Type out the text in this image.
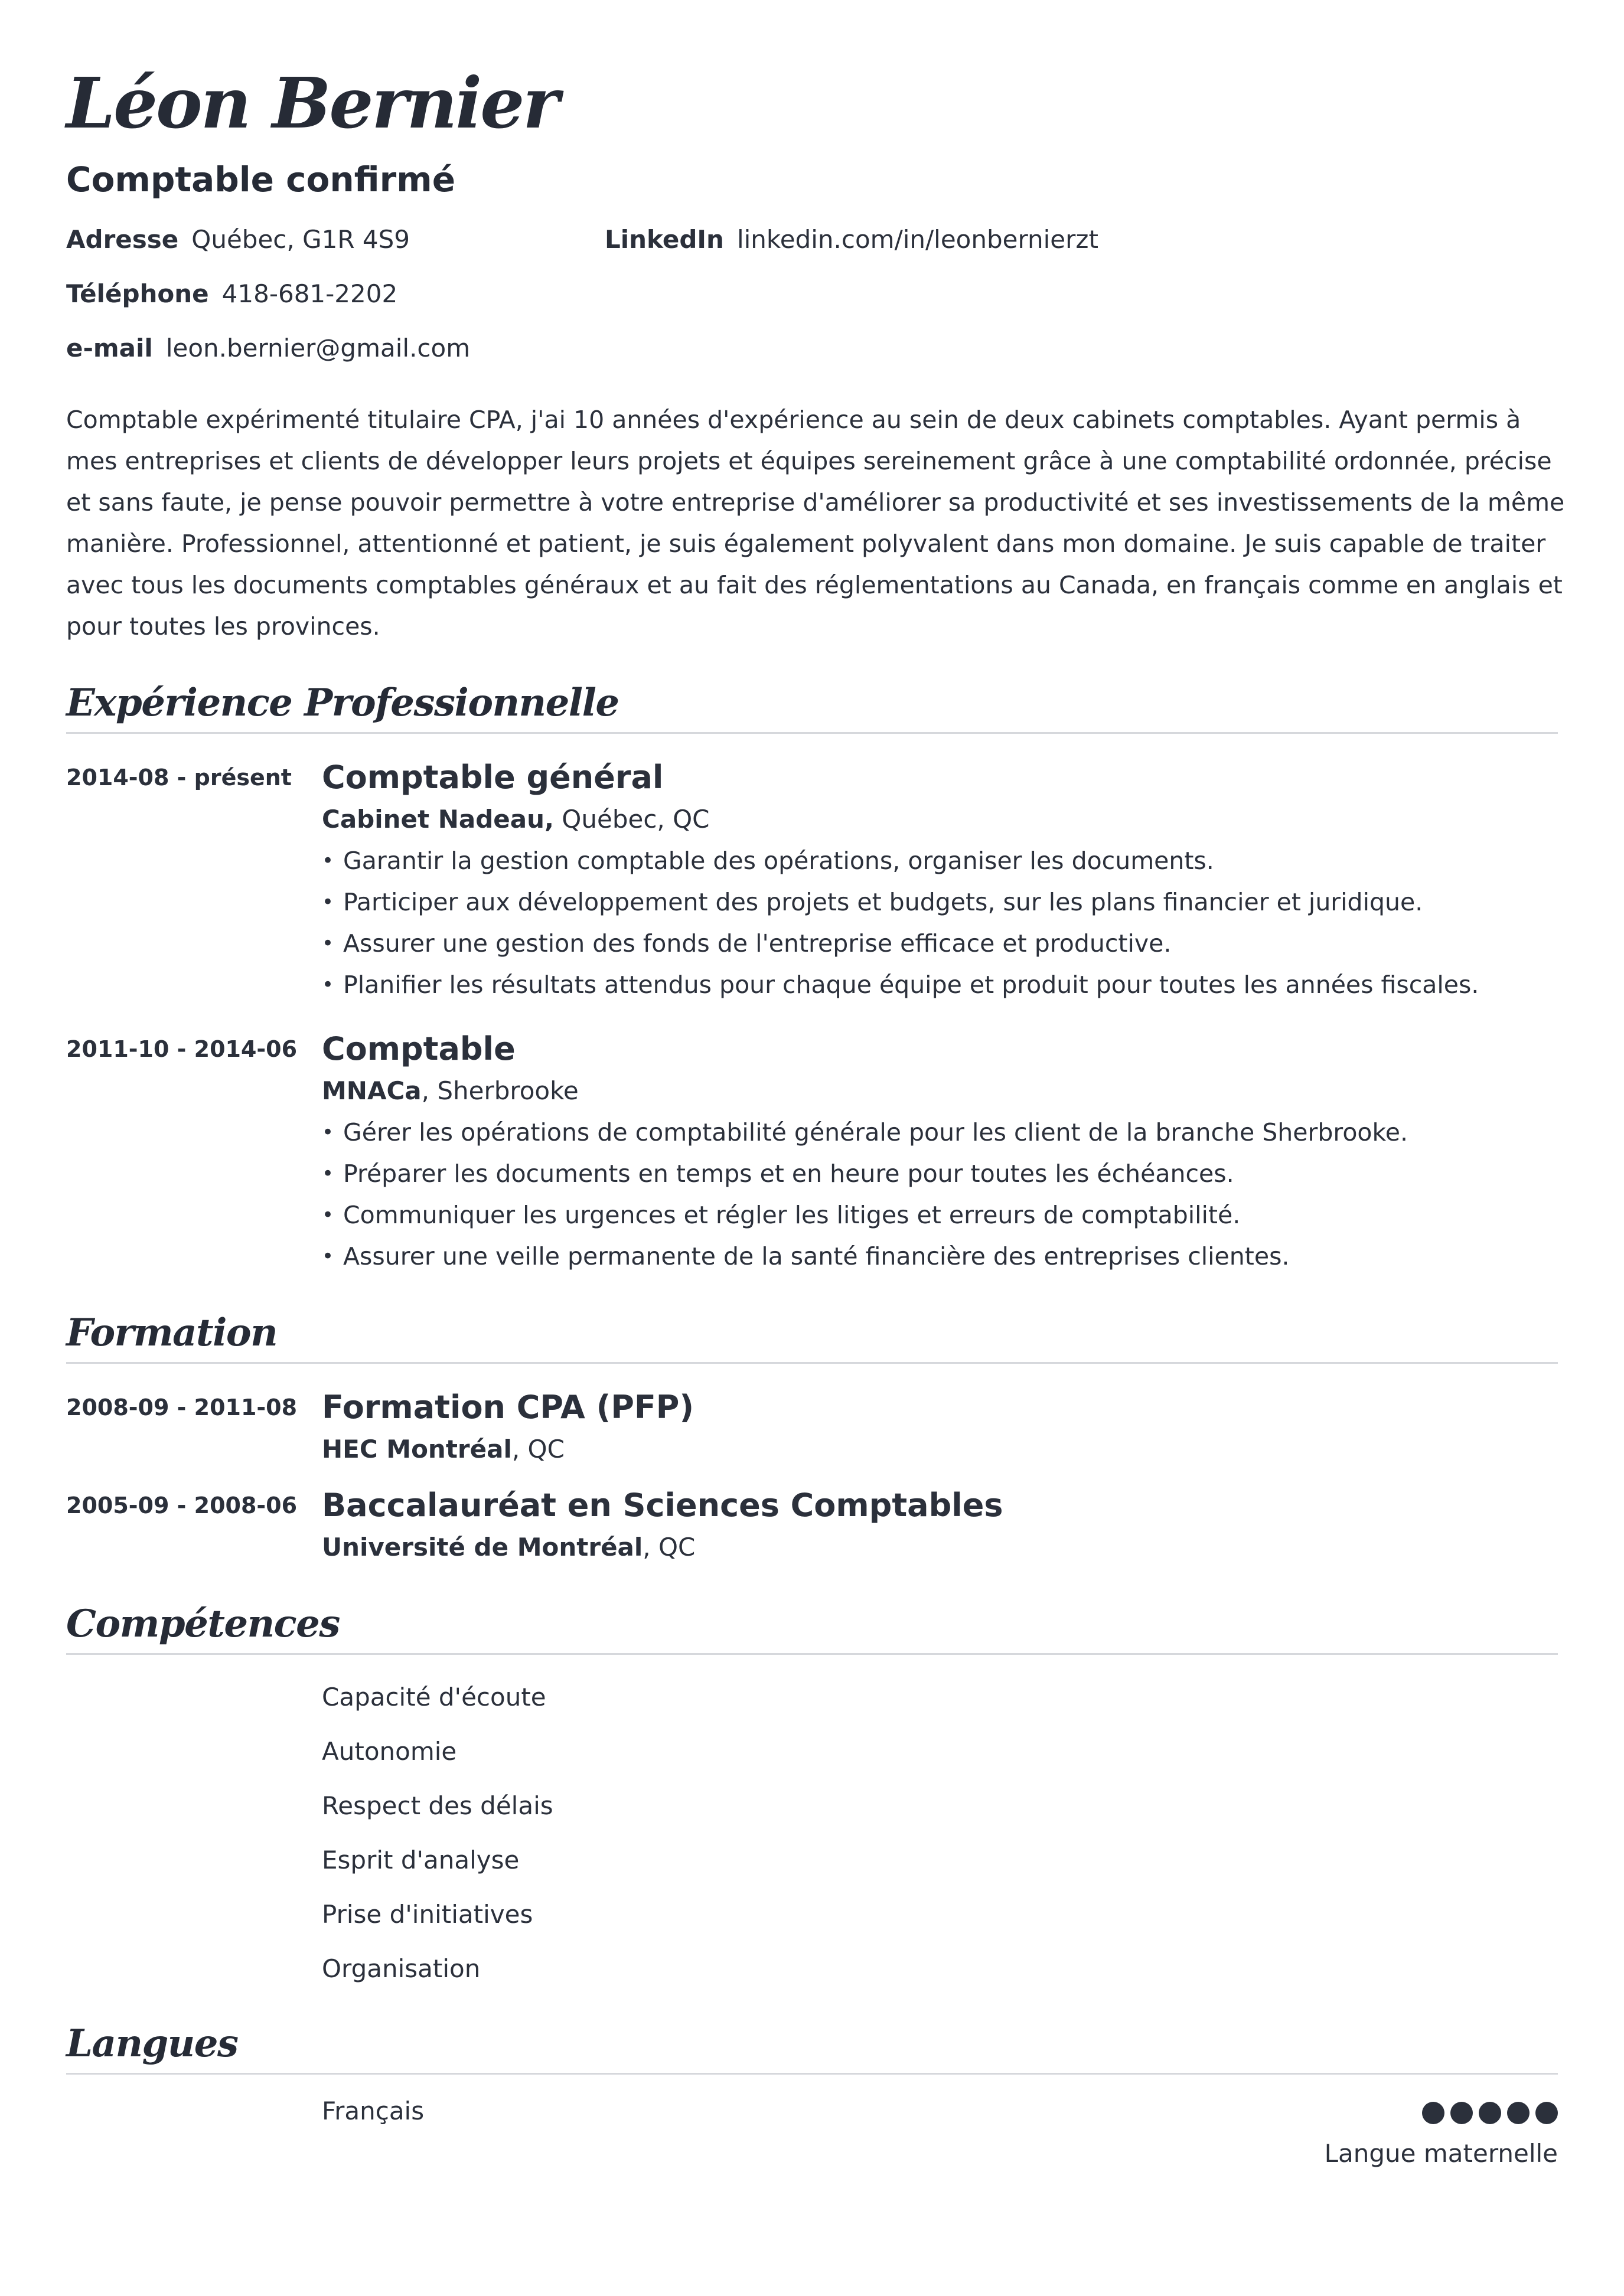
Léon Bernier
Comptable confirmé
Adresse Québec, G1R 4S9
Téléphone 418-681-2202
e-mail leon.bernier@gmail.com
LinkedIn linkedin.com/in/leonbernierzt

Comptable expérimenté titulaire CPA, j'ai 10 années d'expérience au sein de deux cabinets comptables. Ayant permis à mes entreprises et clients de développer leurs projets et équipes sereinement grâce à une comptabilité ordonnée, précise et sans faute, je pense pouvoir permettre à votre entreprise d'améliorer sa productivité et ses investissements de la même manière. Professionnel, attentionné et patient, je suis également polyvalent dans mon domaine. Je suis capable de traiter avec tous les documents comptables généraux et au fait des réglementations au Canada, en français comme en anglais et pour toutes les provinces.

Expérience Professionnelle
2014-08 - présent Comptable général
Cabinet Nadeau, Québec, QC
• Garantir la gestion comptable des opérations, organiser les documents.
• Participer aux développement des projets et budgets, sur les plans financier et juridique.
• Assurer une gestion des fonds de l'entreprise efficace et productive.
• Planifier les résultats attendus pour chaque équipe et produit pour toutes les années fiscales.
2011-10 - 2014-06 Comptable
MNACa, Sherbrooke
• Gérer les opérations de comptabilité générale pour les client de la branche Sherbrooke.
• Préparer les documents en temps et en heure pour toutes les échéances.
• Communiquer les urgences et régler les litiges et erreurs de comptabilité.
• Assurer une veille permanente de la santé financière des entreprises clientes.
Formation
2008-09 - 2011-08 Formation CPA (PFP)
HEC Montréal, QC
2005-09 - 2008-06 Baccalauréat en Sciences Comptables
Université de Montréal, QC
Compétences
Capacité d'écoute
Autonomie
Respect des délais
Esprit d'analyse
Prise d'initiatives
Organisation
Langues
Français
Langue maternelle
